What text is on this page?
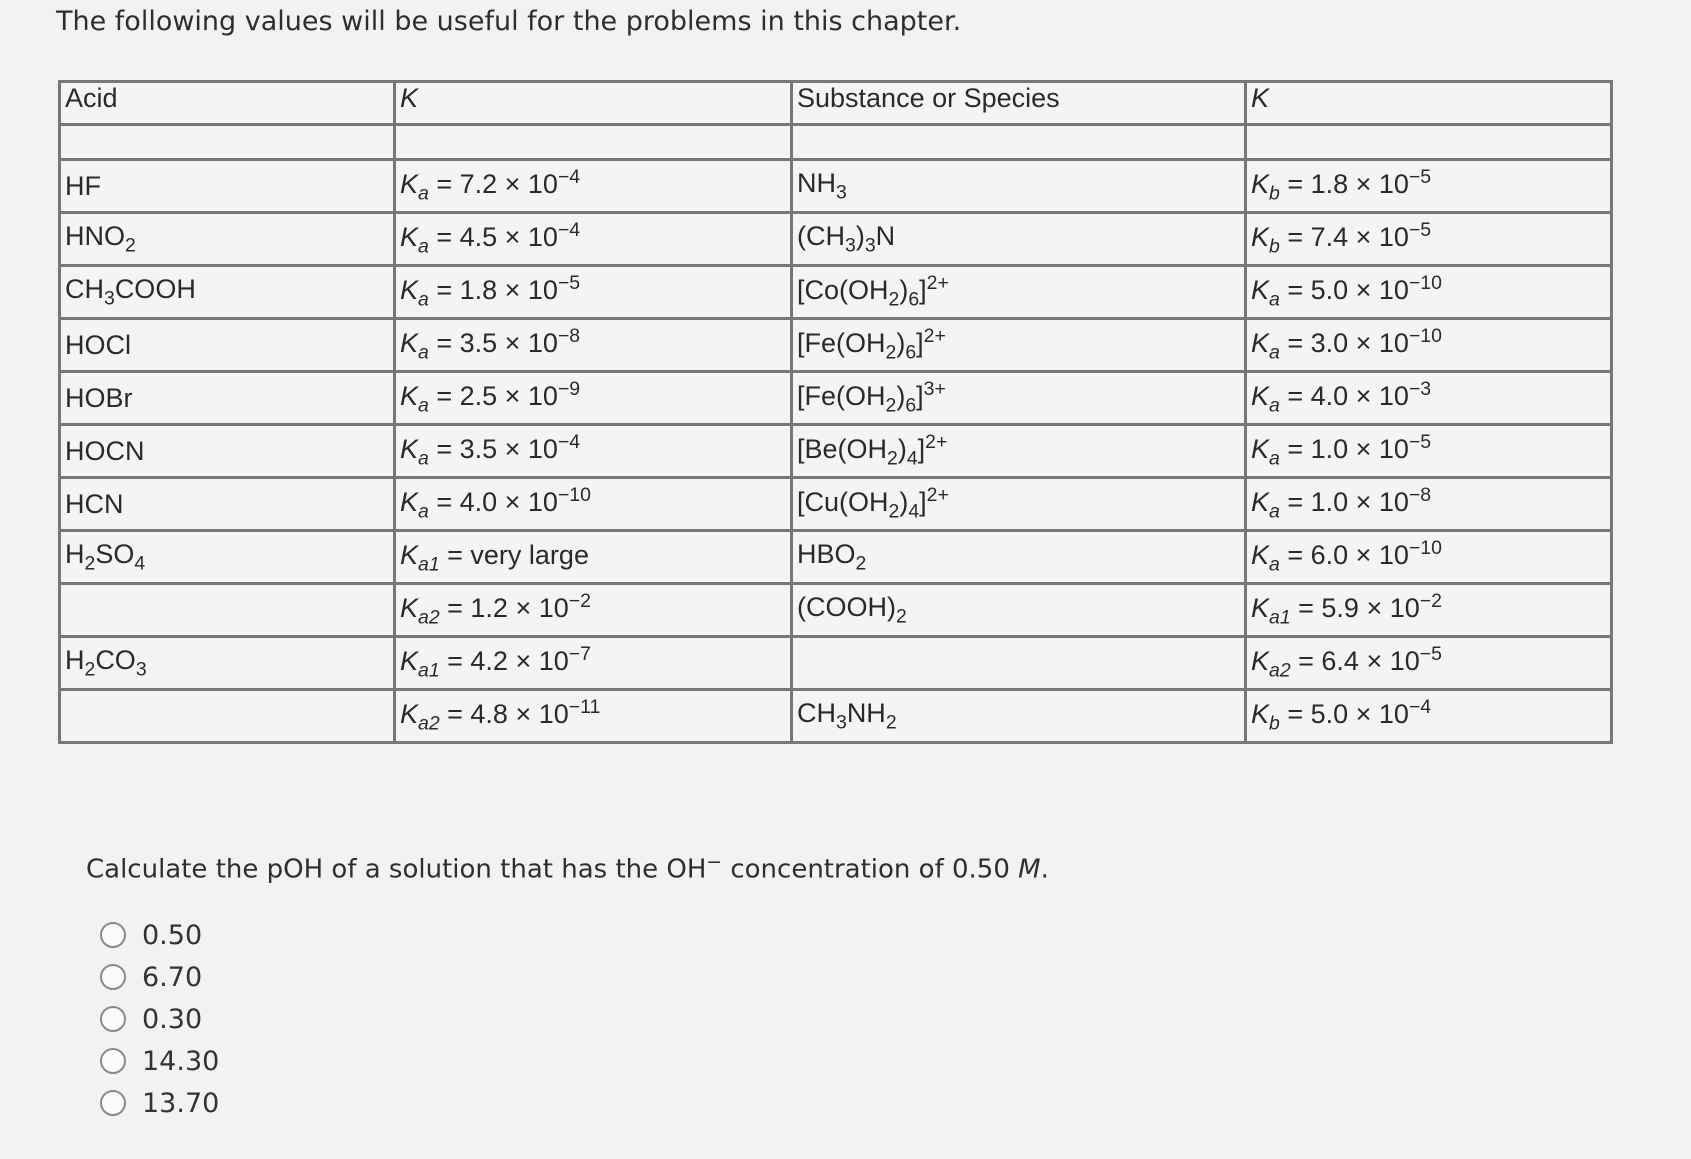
The following values will be useful for the problems in this chapter.
Acid	K	Substance or Species	K

HF	$K_a = 7.2 \times 10^{-4}$	$NH_3$	$K_b = 1.8 \times 10^{-5}$
$HNO_2$	$K_a = 4.5 \times 10^{-4}$	$(CH_3)_3N$	$K_b = 7.4 \times 10^{-5}$
$CH_3COOH$	$K_a = 1.8 \times 10^{-5}$	$[Co(OH_2)_6]^{2+}$	$K_a = 5.0 \times 10^{-10}$
HOCl	$K_a = 3.5 \times 10^{-8}$	$[Fe(OH_2)_6]^{2+}$	$K_a = 3.0 \times 10^{-10}$
HOBr	$K_a = 2.5 \times 10^{-9}$	$[Fe(OH_2)_6]^{3+}$	$K_a = 4.0 \times 10^{-3}$
HOCN	$K_a = 3.5 \times 10^{-4}$	$[Be(OH_2)_4]^{2+}$	$K_a = 1.0 \times 10^{-5}$
HCN	$K_a = 4.0 \times 10^{-10}$	$[Cu(OH_2)_4]^{2+}$	$K_a = 1.0 \times 10^{-8}$
$H_2SO_4$	$K_{a1}$ = very large	$HBO_2$	$K_a = 6.0 \times 10^{-10}$
	$K_{a2} = 1.2 \times 10^{-2}$	$(COOH)_2$	$K_{a1} = 5.9 \times 10^{-2}$
$H_2CO_3$	$K_{a1} = 4.2 \times 10^{-7}$		$K_{a2} = 6.4 \times 10^{-5}$
	$K_{a2} = 4.8 \times 10^{-11}$	$CH_3NH_2$	$K_b = 5.0 \times 10^{-4}$
Calculate the pOH of a solution that has the OH− concentration of 0.50 M.
0.50
6.70
0.30
14.30
13.70
